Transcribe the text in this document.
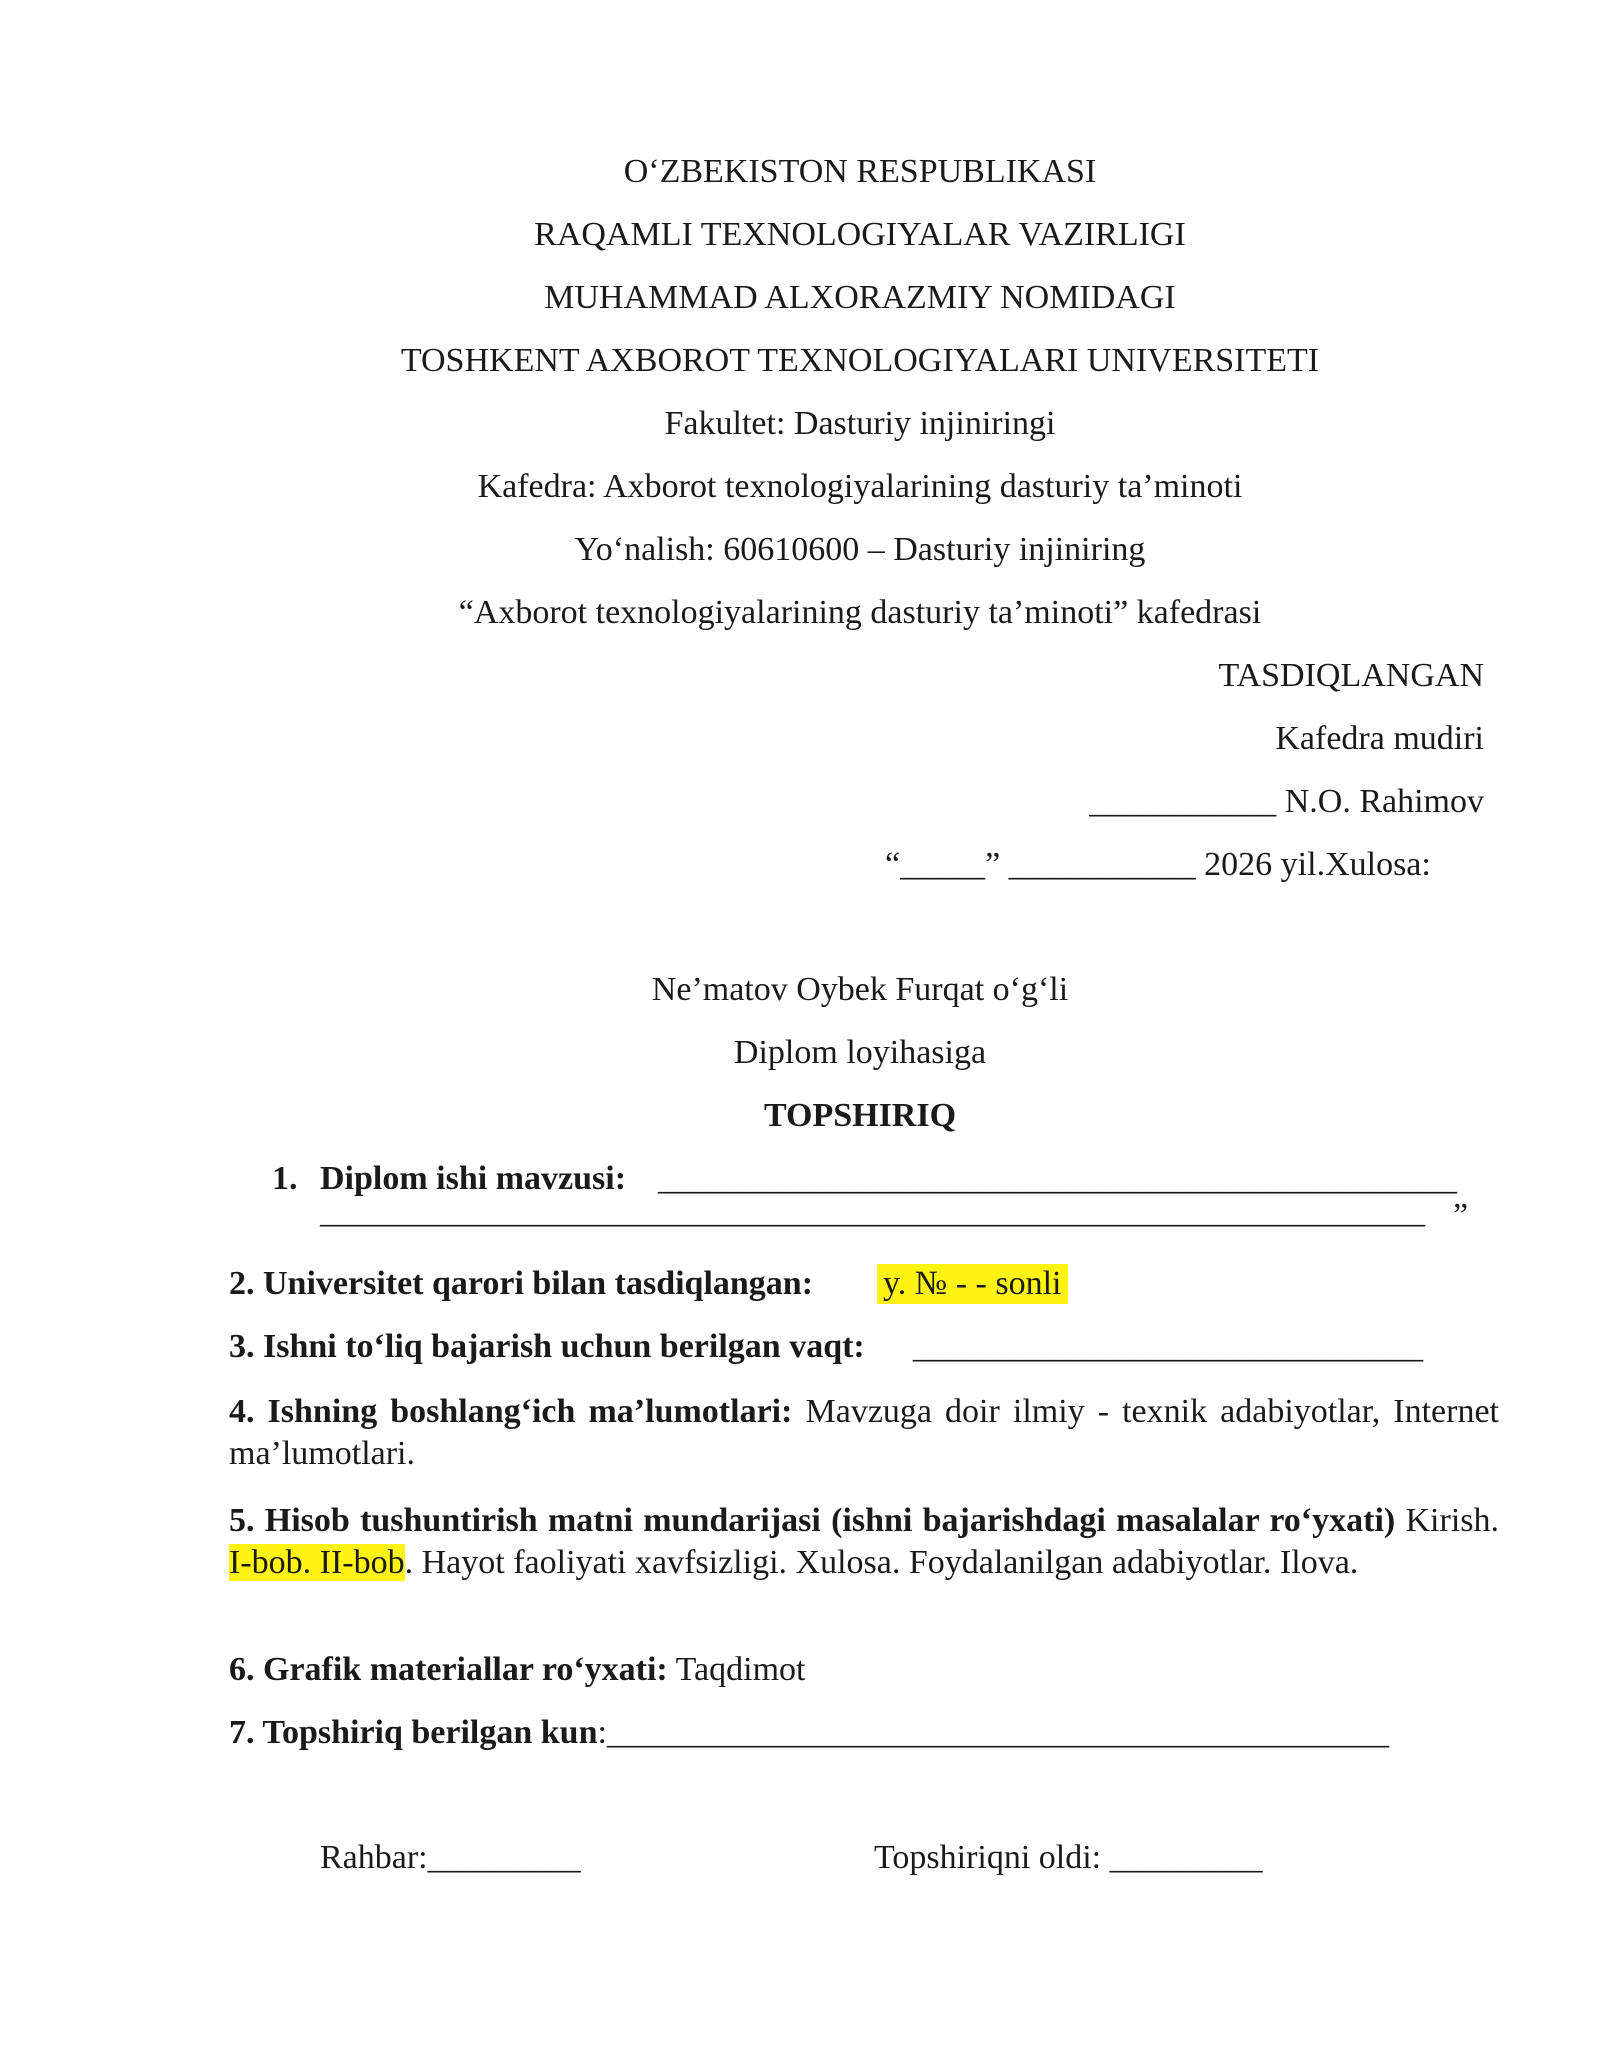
O‘ZBEKISTON RESPUBLIKASI
RAQAMLI TEXNOLOGIYALAR VAZIRLIGI
MUHAMMAD ALXORAZMIY NOMIDAGI
TOSHKENT AXBOROT TEXNOLOGIYALARI UNIVERSITETI
Fakultet: Dasturiy injiniringi
Kafedra: Axborot texnologiyalarining dasturiy ta’minoti
Yo‘nalish: 60610600 – Dasturiy injiniring
“Axborot texnologiyalarining dasturiy ta’minoti” kafedrasi
TASDIQLANGAN
Kafedra mudiri
___________ N.O. Rahimov
“_____” ___________ 2026 yil.Xulosa:
Ne’matov Oybek Furqat o‘g‘li
Diplom loyihasiga
TOPSHIRIQ
1. Diplom ishi mavzusi: _______________________________________________
_________________________________________________________________ ”
2. Universitet qarori bilan tasdiqlangan: y. № - - sonli
3. Ishni to‘liq bajarish uchun berilgan vaqt: ______________________________
4. Ishning boshlang‘ich ma’lumotlari: Mavzuga doir ilmiy - texnik adabiyotlar, Internet ma’lumotlari.
5. Hisob tushuntirish matni mundarijasi (ishni bajarishdagi masalalar ro‘yxati) Kirish. I-bob. II-bob. Hayot faoliyati xavfsizligi. Xulosa. Foydalanilgan adabiyotlar. Ilova.
6. Grafik materiallar ro‘yxati: Taqdimot
7. Topshiriq berilgan kun:______________________________________________
Rahbar:_________	Topshiriqni oldi: _________
